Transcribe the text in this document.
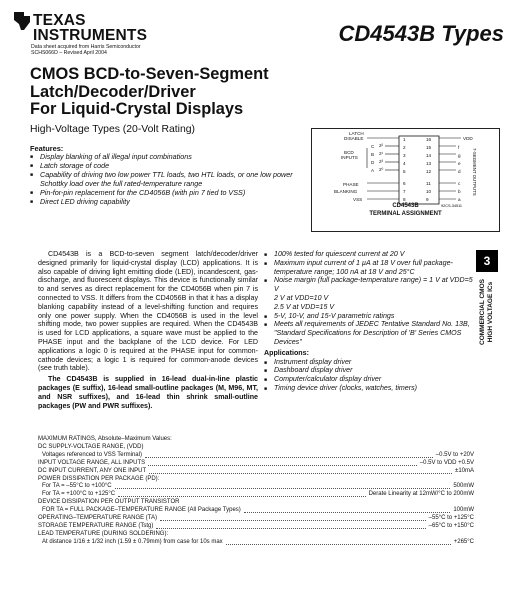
TEXAS
INSTRUMENTS
Data sheet acquired from Harris Semiconductor
SCHS066D – Revised April 2004
CD4543B Types
CMOS BCD-to-Seven-Segment
Latch/Decoder/Driver
For Liquid-Crystal Displays
High-Voltage Types (20-Volt Rating)
Features:
■ Display blanking of all illegal input combinations
■ Latch storage of code
■ Capability of driving two low power TTL loads, two HTL loads, or one low power Schottky load over the full rated-temperature range
■ Pin-for-pin replacement for the CD4056B (with pin 7 tied to VSS)
■ Direct LED driving capability
LATCH
DISABLE
BCD
INPUTS
PHASE
BLANKING
VSS
C
B
D
A
2²
2¹
2³
2⁰
1
2
3
4
5
6
7
8
16
15
14
13
12
11
10
9
f
g
e
d
c
b
a
VDD
7-SEGMENT OUTPUTS
92CS-34511
CD4543B
TERMINAL ASSIGNMENT

CD4543B is a BCD-to-seven segment latch/decoder/driver designed primarily for liquid-crystal display (LCD) applications. It is also capable of driving light emitting diode (LED), incandescent, gas-discharge, and fluorescent displays. This device is functionally similar to and serves as direct replacement for the CD4056B when pin 7 is connected to VSS. It differs from the CD4056B in that it has a display blanking capability instead of a level-shifting function and requires only one power supply. When the CD4056B is used in the level shifting mode, two power supplies are required. When the CD4543B is used for LCD applications, a square wave must be applied to the PHASE input and the backplane of the LCD device. For LED applications a logic 0 is required at the PHASE input for common-cathode devices; a logic 1 is required for common-anode devices (see truth table).

The CD4543B is supplied in 16-lead dual-in-line plastic packages (E suffix), 16-lead small-outline packages (M, M96, MT, and NSR suffixes), and 16-lead thin shrink small-outline packages (PW and PWR suffixes).

■ 100% tested for quiescent current at 20 V
■ Maximum input current of 1 µA at 18 V over full package-temperature range; 100 nA at 18 V and 25°C
■ Noise margin (full package-temperature range) = 1 V at VDD=5 V
2 V at VDD=10 V
2.5 V at VDD=15 V
■ 5-V, 10-V, and 15-V parametric ratings
■ Meets all requirements of JEDEC Tentative Standard No. 13B, "Standard Specifications for Description of 'B' Series CMOS Devices"
Applications:
■ Instrument display driver
■ Dashboard display driver
■ Computer/calculator display driver
■ Timing device driver (clocks, watches, timers)
3
COMMERCIAL CMOS HIGH VOLTAGE ICs
MAXIMUM RATINGS, Absolute–Maximum Values:
DC SUPPLY-VOLTAGE RANGE, (VDD)
Voltages referenced to VSS Terminal)	–0.5V to +20V
INPUT VOLTAGE RANGE, ALL INPUTS	–0.5V to VDD +0.5V
DC INPUT CURRENT, ANY ONE INPUT	±10mA
POWER DISSIPATION PER PACKAGE (PD):
For TA = –55°C to +100°C	500mW
For TA = +100°C to +125°C	Derate Linearity at 12mW/°C to 200mW
DEVICE DISSIPATION PER OUTPUT TRANSISTOR
FOR TA = FULL PACKAGE–TEMPERATURE RANGE (All Package Types)	100mW
OPERATING–TEMPERATURE RANGE (TA)	–55°C to +125°C
STORAGE TEMPERATURE RANGE (Tstg)	–65°C to +150°C
LEAD TEMPERATURE (DURING SOLDERING):
At distance 1/16 ± 1/32 inch (1.59 ± 0.79mm) from case for 10s max	+265°C
